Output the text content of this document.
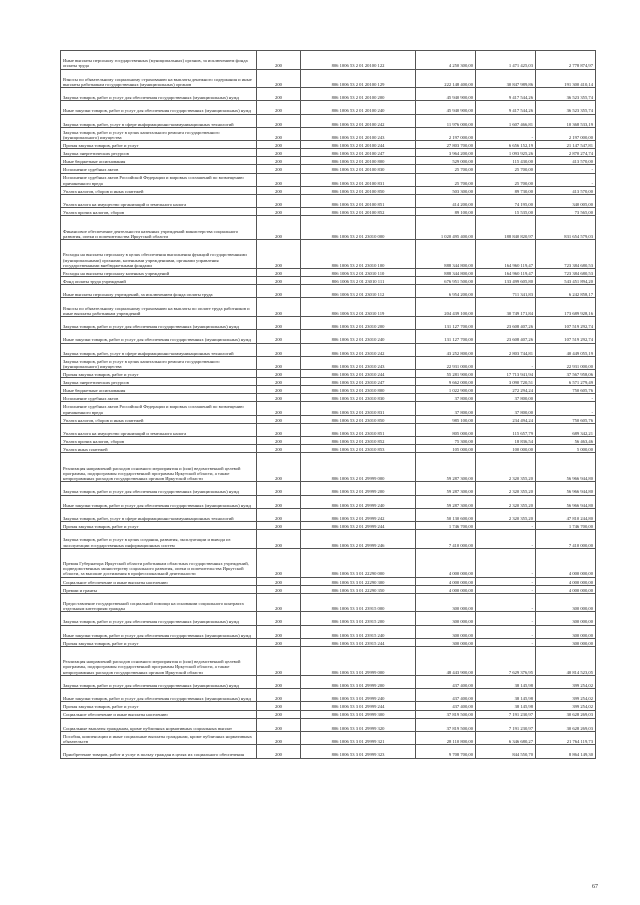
Иные выплаты персоналу государственных (муниципальных) органов, за исключением фонда оплаты труда	200	806 1006 53 2 01 20100 122	4 250 300,00	1 471 425,03	2 778 874,97
Взносы по обязательному социальному страхованию на выплаты денежного содержания и иные выплаты работникам государственных (муниципальных) органов	200	806 1006 53 2 01 20100 129	222 148 400,00	30 847 989,86	191 300 410,14
Закупка товаров, работ и услуг для обеспечения государственных (муниципальных) нужд	200	806 1006 53 2 01 20100 200	45 940 900,00	9 417 544,26	36 523 355,74
Иные закупки товаров, работ и услуг для обеспечения государственных (муниципальных) нужд	200	806 1006 53 2 01 20100 240	45 940 900,00	9 417 544,26	36 523 355,74
Закупка товаров, работ, услуг в сфере информационно-коммуникационных технологий	200	806 1006 53 2 01 20100 242	11 976 000,00	1 607 466,81	10 368 533,19
Закупка товаров, работ и услуг в целях капитального ремонта государственного (муниципального) имущества	200	806 1006 53 2 01 20100 243	2 197 000,00	-	2 197 000,00
Прочая закупка товаров, работ и услуг	200	806 1006 53 2 01 20100 244	27 803 700,00	6 656 152,19	21 147 547,81
Закупка энергетических ресурсов	200	806 1006 53 2 01 20100 247	3 964 200,00	1 093 925,26	2 870 274,74
Иные бюджетные ассигнования	200	806 1006 53 2 01 20100 800	529 000,00	115 430,00	413 570,00
Исполнение судебных актов	200	806 1006 53 2 01 20100 830	25 700,00	25 700,00	-
Исполнение судебных актов Российской Федерации и мировых соглашений по возмещению причиненного вреда	200	806 1006 53 2 01 20100 831	25 700,00	25 700,00	-
Уплата налогов, сборов и иных платежей	200	806 1006 53 2 01 20100 850	503 300,00	89 730,00	413 570,00
Уплата налога на имущество организаций и земельного налога	200	806 1006 53 2 01 20100 851	414 200,00	74 195,00	340 005,00
Уплата прочих налогов, сборов	200	806 1006 53 2 01 20100 852	89 100,00	15 535,00	73 565,00
Финансовое обеспечение деятельности казенных учреждений министерства социального развития, опеки и попечительства Иркутской области	200	806 1006 53 2 01 23010 000	1 020 495 400,00	188 840 820,97	831 654 579,03
Расходы на выплаты персоналу в целях обеспечения выполнения функций государственными (муниципальными) органами, казенными учреждениями, органами управления государственными внебюджетными фондами	200	806 1006 53 2 01 23010 100	888 344 800,00	164 960 119,47	723 384 680,53
Расходы на выплаты персоналу казенных учреждений	200	806 1006 53 2 01 23010 110	888 344 800,00	164 960 119,47	723 384 680,53
Фонд оплаты труда учреждений	200	806 1006 53 2 01 23010 111	676 951 500,00	133 499 605,80	543 451 894,20
Иные выплаты персоналу учреждений, за исключением фонда оплаты труда	200	806 1006 53 2 01 23010 112	6 954 200,00	711 341,83	6 242 858,17
Взносы по обязательному социальному страхованию на выплаты по оплате труда работников и иные выплаты работникам учреждений	200	806 1006 53 2 01 23010 119	204 439 100,00	30 749 171,84	173 689 928,16
Закупка товаров, работ и услуг для обеспечения государственных (муниципальных) нужд	200	806 1006 53 2 01 23010 200	131 127 700,00	23 608 407,26	107 519 292,74
Иные закупки товаров, работ и услуг для обеспечения государственных (муниципальных) нужд	200	806 1006 53 2 01 23010 240	131 127 700,00	23 608 407,26	107 519 292,74
Закупка товаров, работ, услуг в сфере информационно-коммуникационных технологий	200	806 1006 53 2 01 23010 242	43 252 800,00	2 803 744,81	40 449 055,19
Закупка товаров, работ и услуг в целях капитального ремонта государственного (муниципального) имущества	200	806 1006 53 2 01 23010 243	22 931 000,00	-	22 931 000,00
Прочая закупка товаров, работ и услуг	200	806 1006 53 2 01 23010 244	55 281 900,00	17 713 941,94	37 567 958,06
Закупка энергетических ресурсов	200	806 1006 53 2 01 23010 247	9 662 000,00	3 090 720,51	6 571 279,49
Иные бюджетные ассигнования	200	806 1006 53 2 01 23010 800	1 022 900,00	272 294,24	750 605,76
Исполнение судебных актов	200	806 1006 53 2 01 23010 830	37 800,00	37 800,00	-
Исполнение судебных актов Российской Федерации и мировых соглашений по возмещению причиненного вреда	200	806 1006 53 2 01 23010 831	37 800,00	37 800,00	-
Уплата налогов, сборов и иных платежей	200	806 1006 53 2 01 23010 850	985 100,00	234 494,24	750 605,76
Уплата налога на имущество организаций и земельного налога	200	806 1006 53 2 01 23010 851	805 000,00	115 657,79	689 342,21
Уплата прочих налогов, сборов	200	806 1006 53 2 01 23010 852	75 300,00	18 836,54	56 463,46
Уплата иных платежей	200	806 1006 53 2 01 23010 853	105 000,00	100 000,00	5 000,00
Реализация направлений расходов основного мероприятия и (или) ведомственной целевой программы, подпрограммы государственной программы Иркутской области, а также непрограммных расходов государственных органов Иркутской области	200	806 1006 53 2 01 29999 000	59 287 300,00	2 320 355,20	56 966 944,80
Закупка товаров, работ и услуг для обеспечения государственных (муниципальных) нужд	200	806 1006 53 2 01 29999 200	59 287 300,00	2 320 355,20	56 966 944,80
Иные закупки товаров, работ и услуг для обеспечения государственных (муниципальных) нужд	200	806 1006 53 2 01 29999 240	59 287 300,00	2 320 355,20	56 966 944,80
Закупка товаров, работ, услуг в сфере информационно-коммуникационных технологий	200	806 1006 53 2 01 29999 242	50 130 600,00	2 320 355,20	47 810 244,80
Прочая закупка товаров, работ и услуг	200	806 1006 53 2 01 29999 244	1 746 700,00	-	1 746 700,00
Закупка товаров, работ и услуг в целях создания, развития, эксплуатации и вывода из эксплуатации государственных информационных систем	200	806 1006 53 2 01 29999 246	7 410 000,00	-	7 410 000,00
Премия Губернатора Иркутской области работникам областных государственных учреждений, подведомственных министерству социального развития, опеки и попечительства Иркутской области, за высокие достижения в профессиональной деятельности	200	806 1006 53 3 01 22290 000	4 000 000,00	-	4 000 000,00
Социальное обеспечение и иные выплаты населению	200	806 1006 53 3 01 22290 300	4 000 000,00	-	4 000 000,00
Премии и гранты	200	806 1006 53 3 01 22290 350	4 000 000,00	-	4 000 000,00
Предоставление государственной социальной помощи на основании социального контракта отдельным категориям граждан	200	806 1006 53 3 01 23915 000	300 000,00	-	300 000,00
Закупка товаров, работ и услуг для обеспечения государственных (муниципальных) нужд	200	806 1006 53 3 01 23915 200	300 000,00	-	300 000,00
Иные закупки товаров, работ и услуг для обеспечения государственных (муниципальных) нужд	200	806 1006 53 3 01 23915 240	300 000,00	-	300 000,00
Прочая закупка товаров, работ и услуг	200	806 1006 53 3 01 23915 244	300 000,00	-	300 000,00
Реализация направлений расходов основного мероприятия и (или) ведомственной целевой программы, подпрограммы государственной программы Иркутской области, а также непрограммных расходов государственных органов Иркутской области	200	806 1006 53 3 01 29999 000	48 443 900,00	7 629 376,95	40 814 523,05
Закупка товаров, работ и услуг для обеспечения государственных (муниципальных) нужд	200	806 1006 53 3 01 29999 200	437 400,00	38 145,98	399 254,02
Иные закупки товаров, работ и услуг для обеспечения государственных (муниципальных) нужд	200	806 1006 53 3 01 29999 240	437 400,00	38 145,98	399 254,02
Прочая закупка товаров, работ и услуг	200	806 1006 53 3 01 29999 244	437 400,00	38 145,98	399 254,02
Социальное обеспечение и иные выплаты населению	200	806 1006 53 3 01 29999 300	37 819 500,00	7 191 230,97	30 628 269,03
Социальные выплаты гражданам, кроме публичных нормативных социальных выплат	200	806 1006 53 3 01 29999 320	37 819 500,00	7 191 230,97	30 628 269,03
Пособия, компенсации и иные социальные выплаты гражданам, кроме публичных нормативных обязательств	200	806 1006 53 3 01 29999 321	28 110 800,00	6 346 680,27	21 764 119,73
Приобретение товаров, работ и услуг в пользу граждан в целях их социального обеспечения	200	806 1006 53 3 01 29999 323	9 708 700,00	844 550,70	8 864 149,30
67
